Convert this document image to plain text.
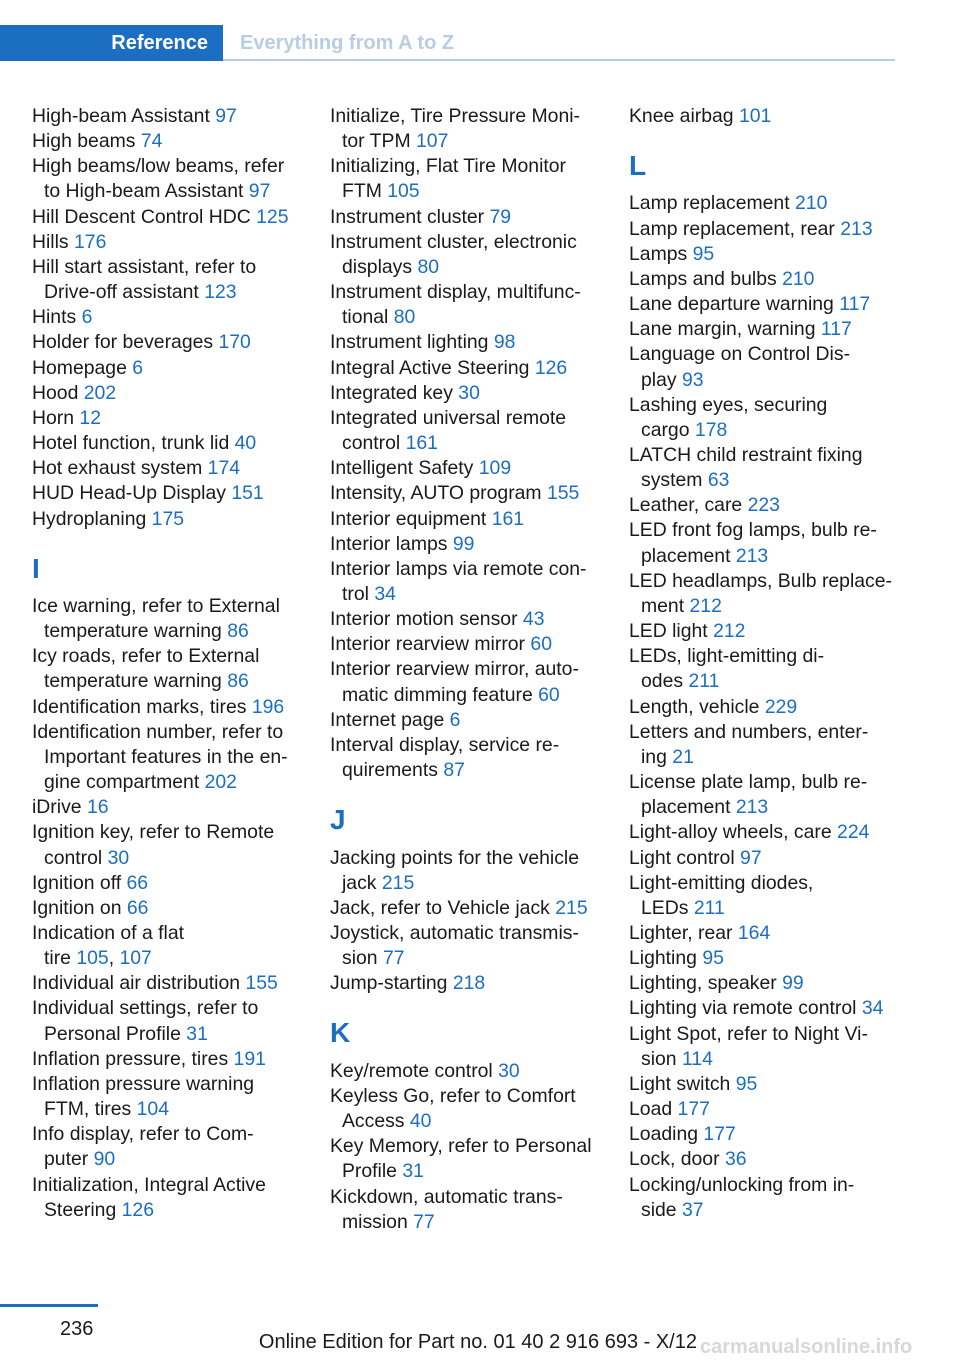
Reference	Everything from A to Z
High-beam Assistant 97
High beams 74
High beams/low beams, refer
to High-beam Assistant 97
Hill Descent Control HDC 125
Hills 176
Hill start assistant, refer to
Drive-off assistant 123
Hints 6
Holder for beverages 170
Homepage 6
Hood 202
Horn 12
Hotel function, trunk lid 40
Hot exhaust system 174
HUD Head-Up Display 151
Hydroplaning 175
I
Ice warning, refer to External
temperature warning 86
Icy roads, refer to External
temperature warning 86
Identification marks, tires 196
Identification number, refer to
Important features in the en-
gine compartment 202
iDrive 16
Ignition key, refer to Remote
control 30
Ignition off 66
Ignition on 66
Indication of a flat
tire 105, 107
Individual air distribution 155
Individual settings, refer to
Personal Profile 31
Inflation pressure, tires 191
Inflation pressure warning
FTM, tires 104
Info display, refer to Com-
puter 90
Initialization, Integral Active
Steering 126
Initialize, Tire Pressure Moni-
tor TPM 107
Initializing, Flat Tire Monitor
FTM 105
Instrument cluster 79
Instrument cluster, electronic
displays 80
Instrument display, multifunc-
tional 80
Instrument lighting 98
Integral Active Steering 126
Integrated key 30
Integrated universal remote
control 161
Intelligent Safety 109
Intensity, AUTO program 155
Interior equipment 161
Interior lamps 99
Interior lamps via remote con-
trol 34
Interior motion sensor 43
Interior rearview mirror 60
Interior rearview mirror, auto-
matic dimming feature 60
Internet page 6
Interval display, service re-
quirements 87
J
Jacking points for the vehicle
jack 215
Jack, refer to Vehicle jack 215
Joystick, automatic transmis-
sion 77
Jump-starting 218
K
Key/remote control 30
Keyless Go, refer to Comfort
Access 40
Key Memory, refer to Personal
Profile 31
Kickdown, automatic trans-
mission 77
Knee airbag 101
L
Lamp replacement 210
Lamp replacement, rear 213
Lamps 95
Lamps and bulbs 210
Lane departure warning 117
Lane margin, warning 117
Language on Control Dis-
play 93
Lashing eyes, securing
cargo 178
LATCH child restraint fixing
system 63
Leather, care 223
LED front fog lamps, bulb re-
placement 213
LED headlamps, Bulb replace-
ment 212
LED light 212
LEDs, light-emitting di-
odes 211
Length, vehicle 229
Letters and numbers, enter-
ing 21
License plate lamp, bulb re-
placement 213
Light-alloy wheels, care 224
Light control 97
Light-emitting diodes,
LEDs 211
Lighter, rear 164
Lighting 95
Lighting, speaker 99
Lighting via remote control 34
Light Spot, refer to Night Vi-
sion 114
Light switch 95
Load 177
Loading 177
Lock, door 36
Locking/unlocking from in-
side 37
236
Online Edition for Part no. 01 40 2 916 693 - X/12 carmanualsonline.info
